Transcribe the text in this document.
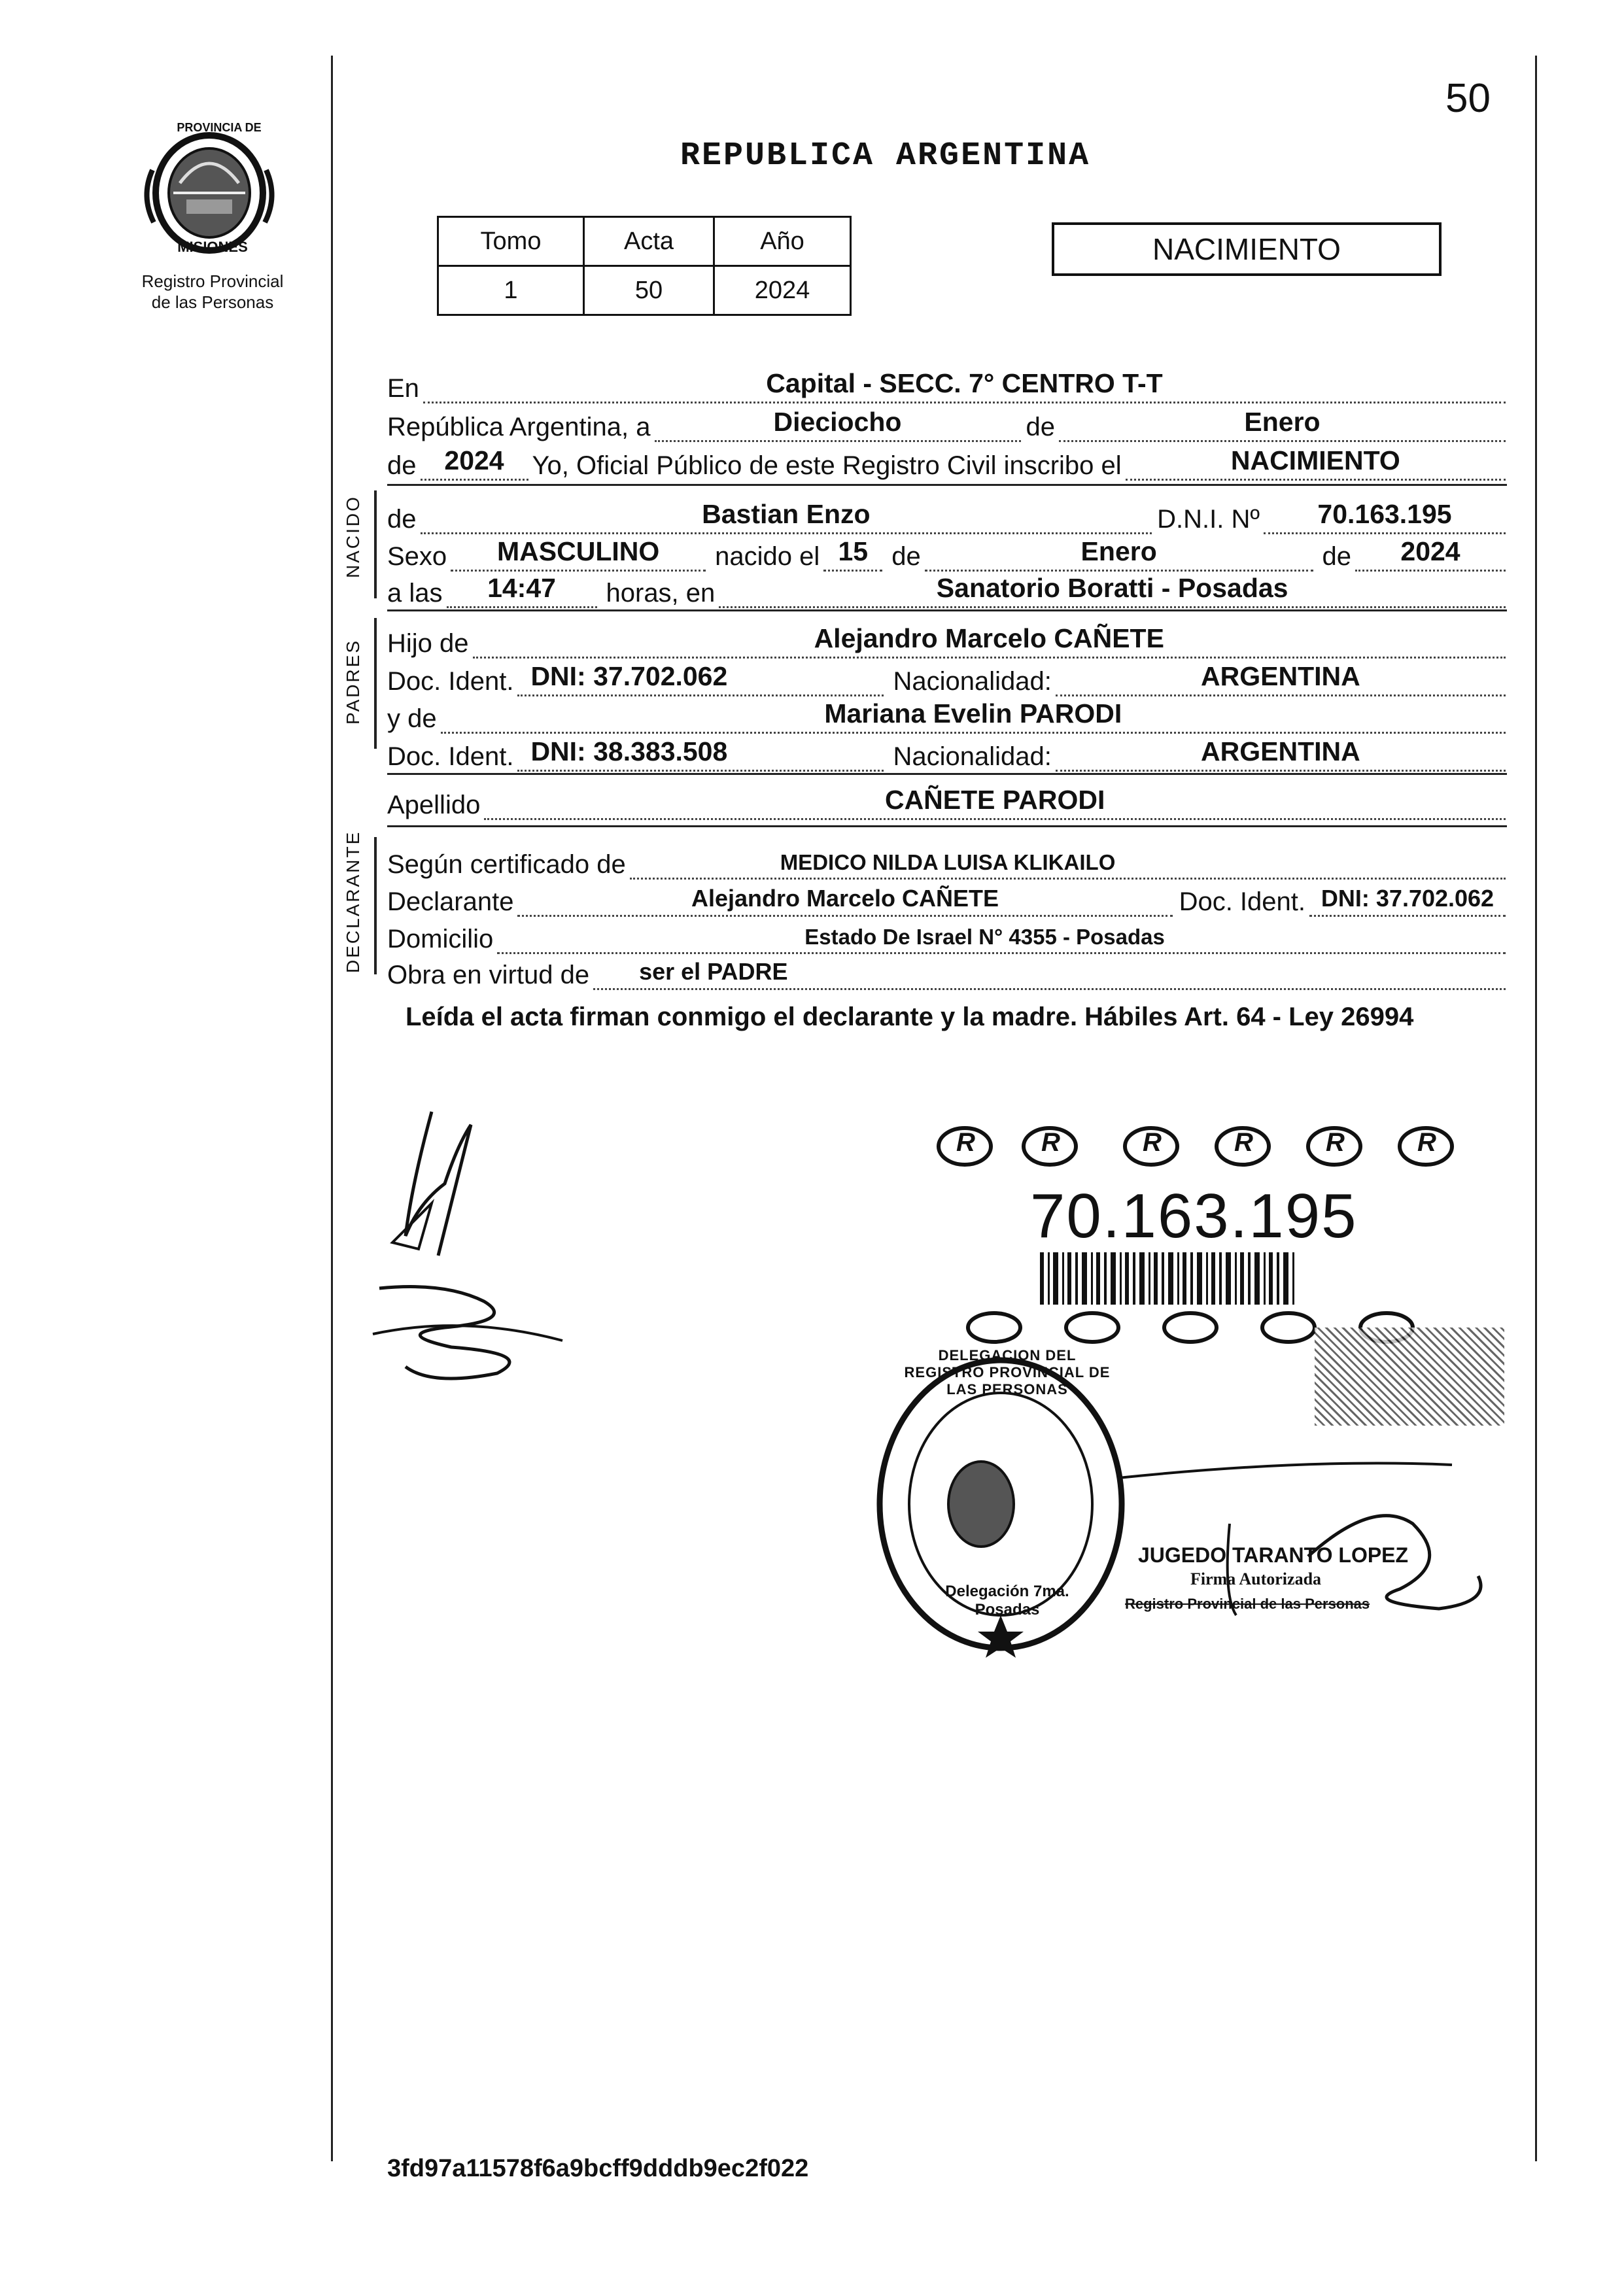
PROVINCIA DE
MISIONES
Registro Provincial
de las Personas
50
REPUBLICA ARGENTINA
Tomo	Acta	Año
1	50	2024
NACIMIENTO
NACIDO
PADRES
DECLARANTE
En	Capital - SECC. 7° CENTRO T-T
República Argentina, a	Dieciocho	de	Enero
de	2024	Yo, Oficial Público de este Registro Civil inscribo el	NACIMIENTO
de	Bastian Enzo	D.N.I. Nº	70.163.195
Sexo	MASCULINO	nacido el 15 de	Enero	de	2024
a las	14:47	horas, en	Sanatorio Boratti - Posadas
Hijo de	Alejandro Marcelo CAÑETE
Doc. Ident. DNI: 37.702.062	Nacionalidad:	ARGENTINA
y de	Mariana Evelin PARODI
Doc. Ident. DNI: 38.383.508	Nacionalidad:	ARGENTINA
Apellido	CAÑETE PARODI
Según certificado de	MEDICO NILDA LUISA KLIKAILO
Declarante	Alejandro Marcelo CAÑETE	Doc. Ident. DNI: 37.702.062
Domicilio	Estado De Israel N° 4355 - Posadas
Obra en virtud de	ser el PADRE
Leída el acta firman conmigo el declarante y la madre. Hábiles Art. 64 - Ley 26994
R	R	R	R	R	R
70.163.195
DELEGACION DEL REGISTRO PROVINCIAL DE LAS PERSONAS
Delegación 7ma. Posadas
JUGEDO TARANTO LOPEZ
Firma Autorizada
Registro Provincial de las Personas
3fd97a11578f6a9bcff9dddb9ec2f022
